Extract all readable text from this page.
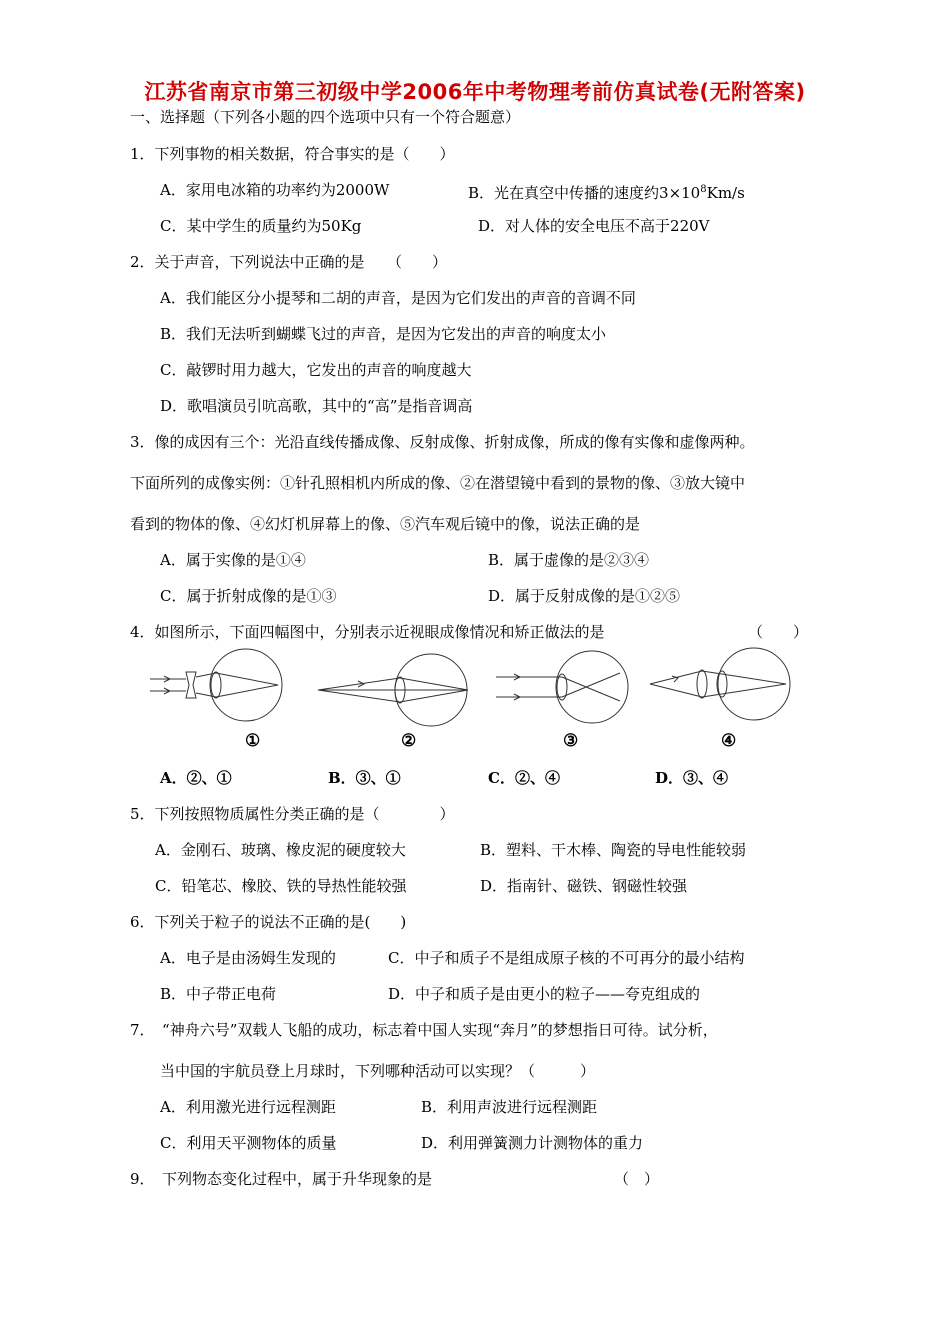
江苏省南京市第三初级中学2006年中考物理考前仿真试卷(无附答案)
一、选择题（下列各小题的四个选项中只有一个符合题意）
1．下列事物的相关数据，符合事实的是（　　）
A．家用电冰箱的功率约为2000W	B．光在真空中传播的速度约$3\times 10^8Km/s$
C．某中学生的质量约为50Kg	D．对人体的安全电压不高于220V
2．关于声音，下列说法中正确的是　　（　　）
A．我们能区分小提琴和二胡的声音，是因为它们发出的声音的音调不同
B．我们无法听到蝴蝶飞过的声音，是因为它发出的声音的响度太小
C．敲锣时用力越大，它发出的声音的响度越大
D．歌唱演员引吭高歌，其中的“高”是指音调高
3．像的成因有三个：光沿直线传播成像、反射成像、折射成像，所成的像有实像和虚像两种。
下面所列的成像实例：①针孔照相机内所成的像、②在潜望镜中看到的景物的像、③放大镜中
看到的物体的像、④幻灯机屏幕上的像、⑤汽车观后镜中的像，说法正确的是
A．属于实像的是①④	B．属于虚像的是②③④
C．属于折射成像的是①③	D．属于反射成像的是①②⑤
4．如图所示，下面四幅图中，分别表示近视眼成像情况和矫正做法的是	（　　）
①	②	③	④
A．②、①	B．③、①	C．②、④	D．③、④
5．下列按照物质属性分类正确的是（　　　　）
A．金刚石、玻璃、橡皮泥的硬度较大	B．塑料、干木棒、陶瓷的导电性能较弱
C．铅笔芯、橡胶、铁的导热性能较强	D．指南针、磁铁、钢磁性较强
6．下列关于粒子的说法不正确的是(　　)
A．电子是由汤姆生发现的	C．中子和质子不是组成原子核的不可再分的最小结构
B．中子带正电荷	D．中子和质子是由更小的粒子——夸克组成的
7．　“神舟六号”双载人飞船的成功，标志着中国人实现“奔月”的梦想指日可待。试分析，
当中国的宇航员登上月球时，下列哪种活动可以实现？（　　　）
A．利用激光进行远程测距	B．利用声波进行远程测距
C．利用天平测物体的质量	D．利用弹簧测力计测物体的重力
9．　下列物态变化过程中，属于升华现象的是	（　）
